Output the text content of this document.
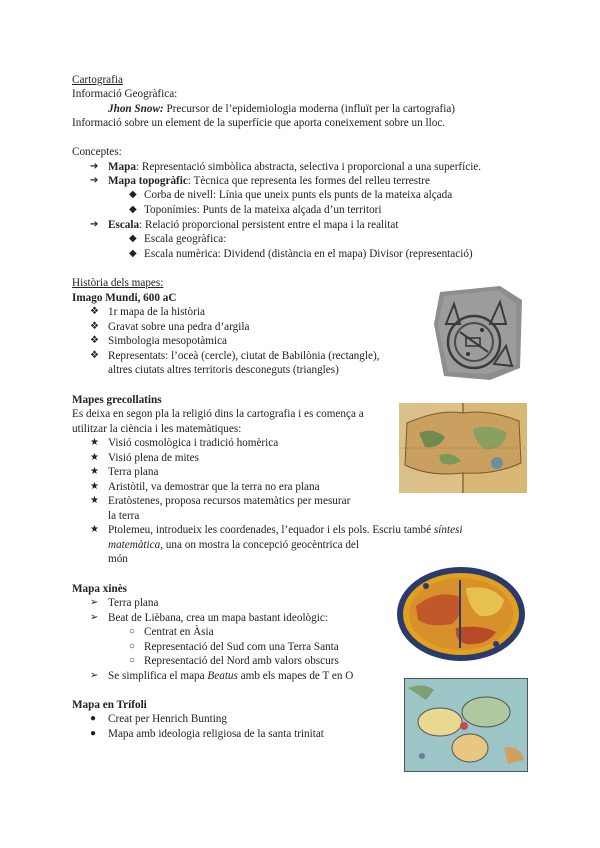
Cartografia
Informació Geogràfica:
Jhon Snow: Precursor de l’epidemiologia moderna (influït per la cartografia)
Informació sobre un element de la superfície que aporta coneixement sobre un lloc.
Conceptes:
➔ Mapa: Representació simbòlica abstracta, selectiva i proporcional a una superfície.
➔ Mapa topogràfic: Tècnica que representa les formes del relleu terrestre
◆ Corba de nivell: Línia que uneix punts els punts de la mateixa alçada
◆ Toponímies: Punts de la mateixa alçada d’un territori
➔ Escala: Relació proporcional persistent entre el mapa i la realitat
◆ Escala geogràfica:
◆ Escala numèrica: Dividend (distància en el mapa) Divisor (representació)
Història dels mapes:
Imago Mundi, 600 aC
❖ 1r mapa de la història
❖ Gravat sobre una pedra d’argila
❖ Simbologia mesopotàmica
❖ Representats: l’oceà (cercle), ciutat de Babilònia (rectangle),
altres ciutats altres territoris desconeguts (triangles)
Mapes grecollatins
Es deixa en segon pla la religió dins la cartografia i es comença a
utilitzar la ciència i les matemàtiques:
★ Visió cosmològica i tradició homèrica
★ Visió plena de mites
★ Terra plana
★ Aristòtil, va demostrar que la terra no era plana
★ Eratòstenes, proposa recursos matemàtics per mesurar
la terra
★ Ptolemeu, introdueix les coordenades, l’equador i els pols. Escriu també síntesi
matemàtica, una on mostra la concepció geocèntrica del
món
Mapa xinès
➢ Terra plana
➢ Beat de Lièbana, crea un mapa bastant ideològic:
○ Centrat en Àsia
○ Representació del Sud com una Terra Santa
○ Representació del Nord amb valors obscurs
➢ Se simplifica el mapa Beatus amb els mapes de T en O
Mapa en Trífoli
● Creat per Henrich Bunting
● Mapa amb ideologia religiosa de la santa trinitat
